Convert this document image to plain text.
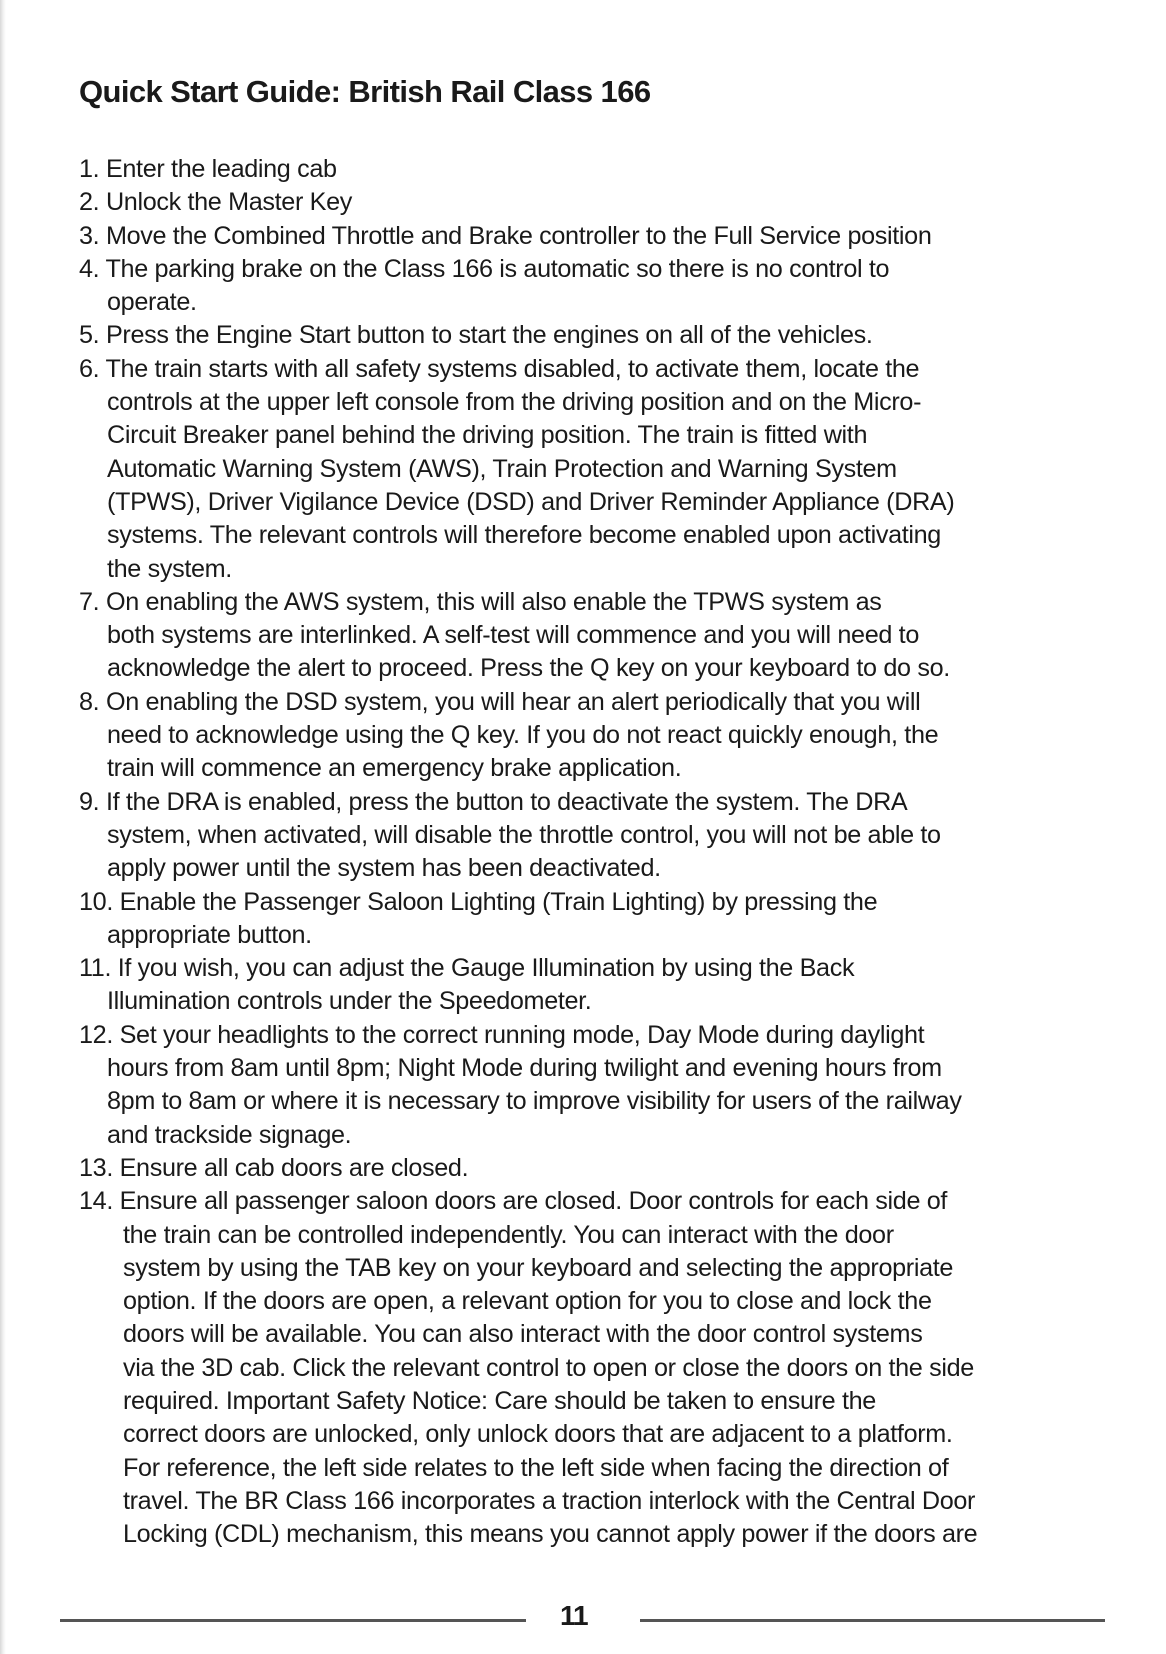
Quick Start Guide: British Rail Class 166
1. Enter the leading cab
2. Unlock the Master Key
3. Move the Combined Throttle and Brake controller to the Full Service position
4. The parking brake on the Class 166 is automatic so there is no control to
operate.
5. Press the Engine Start button to start the engines on all of the vehicles.
6. The train starts with all safety systems disabled, to activate them, locate the
controls at the upper left console from the driving position and on the Micro-
Circuit Breaker panel behind the driving position. The train is fitted with
Automatic Warning System (AWS), Train Protection and Warning System
(TPWS), Driver Vigilance Device (DSD) and Driver Reminder Appliance (DRA)
systems. The relevant controls will therefore become enabled upon activating
the system.
7. On enabling the AWS system, this will also enable the TPWS system as
both systems are interlinked. A self-test will commence and you will need to
acknowledge the alert to proceed. Press the Q key on your keyboard to do so.
8. On enabling the DSD system, you will hear an alert periodically that you will
need to acknowledge using the Q key. If you do not react quickly enough, the
train will commence an emergency brake application.
9. If the DRA is enabled, press the button to deactivate the system. The DRA
system, when activated, will disable the throttle control, you will not be able to
apply power until the system has been deactivated.
10. Enable the Passenger Saloon Lighting (Train Lighting) by pressing the
appropriate button.
11. If you wish, you can adjust the Gauge Illumination by using the Back
Illumination controls under the Speedometer.
12. Set your headlights to the correct running mode, Day Mode during daylight
hours from 8am until 8pm; Night Mode during twilight and evening hours from
8pm to 8am or where it is necessary to improve visibility for users of the railway
and trackside signage.
13. Ensure all cab doors are closed.
14. Ensure all passenger saloon doors are closed. Door controls for each side of
the train can be controlled independently. You can interact with the door
system by using the TAB key on your keyboard and selecting the appropriate
option. If the doors are open, a relevant option for you to close and lock the
doors will be available. You can also interact with the door control systems
via the 3D cab. Click the relevant control to open or close the doors on the side
required. Important Safety Notice: Care should be taken to ensure the
correct doors are unlocked, only unlock doors that are adjacent to a platform.
For reference, the left side relates to the left side when facing the direction of
travel. The BR Class 166 incorporates a traction interlock with the Central Door
Locking (CDL) mechanism, this means you cannot apply power if the doors are
11
